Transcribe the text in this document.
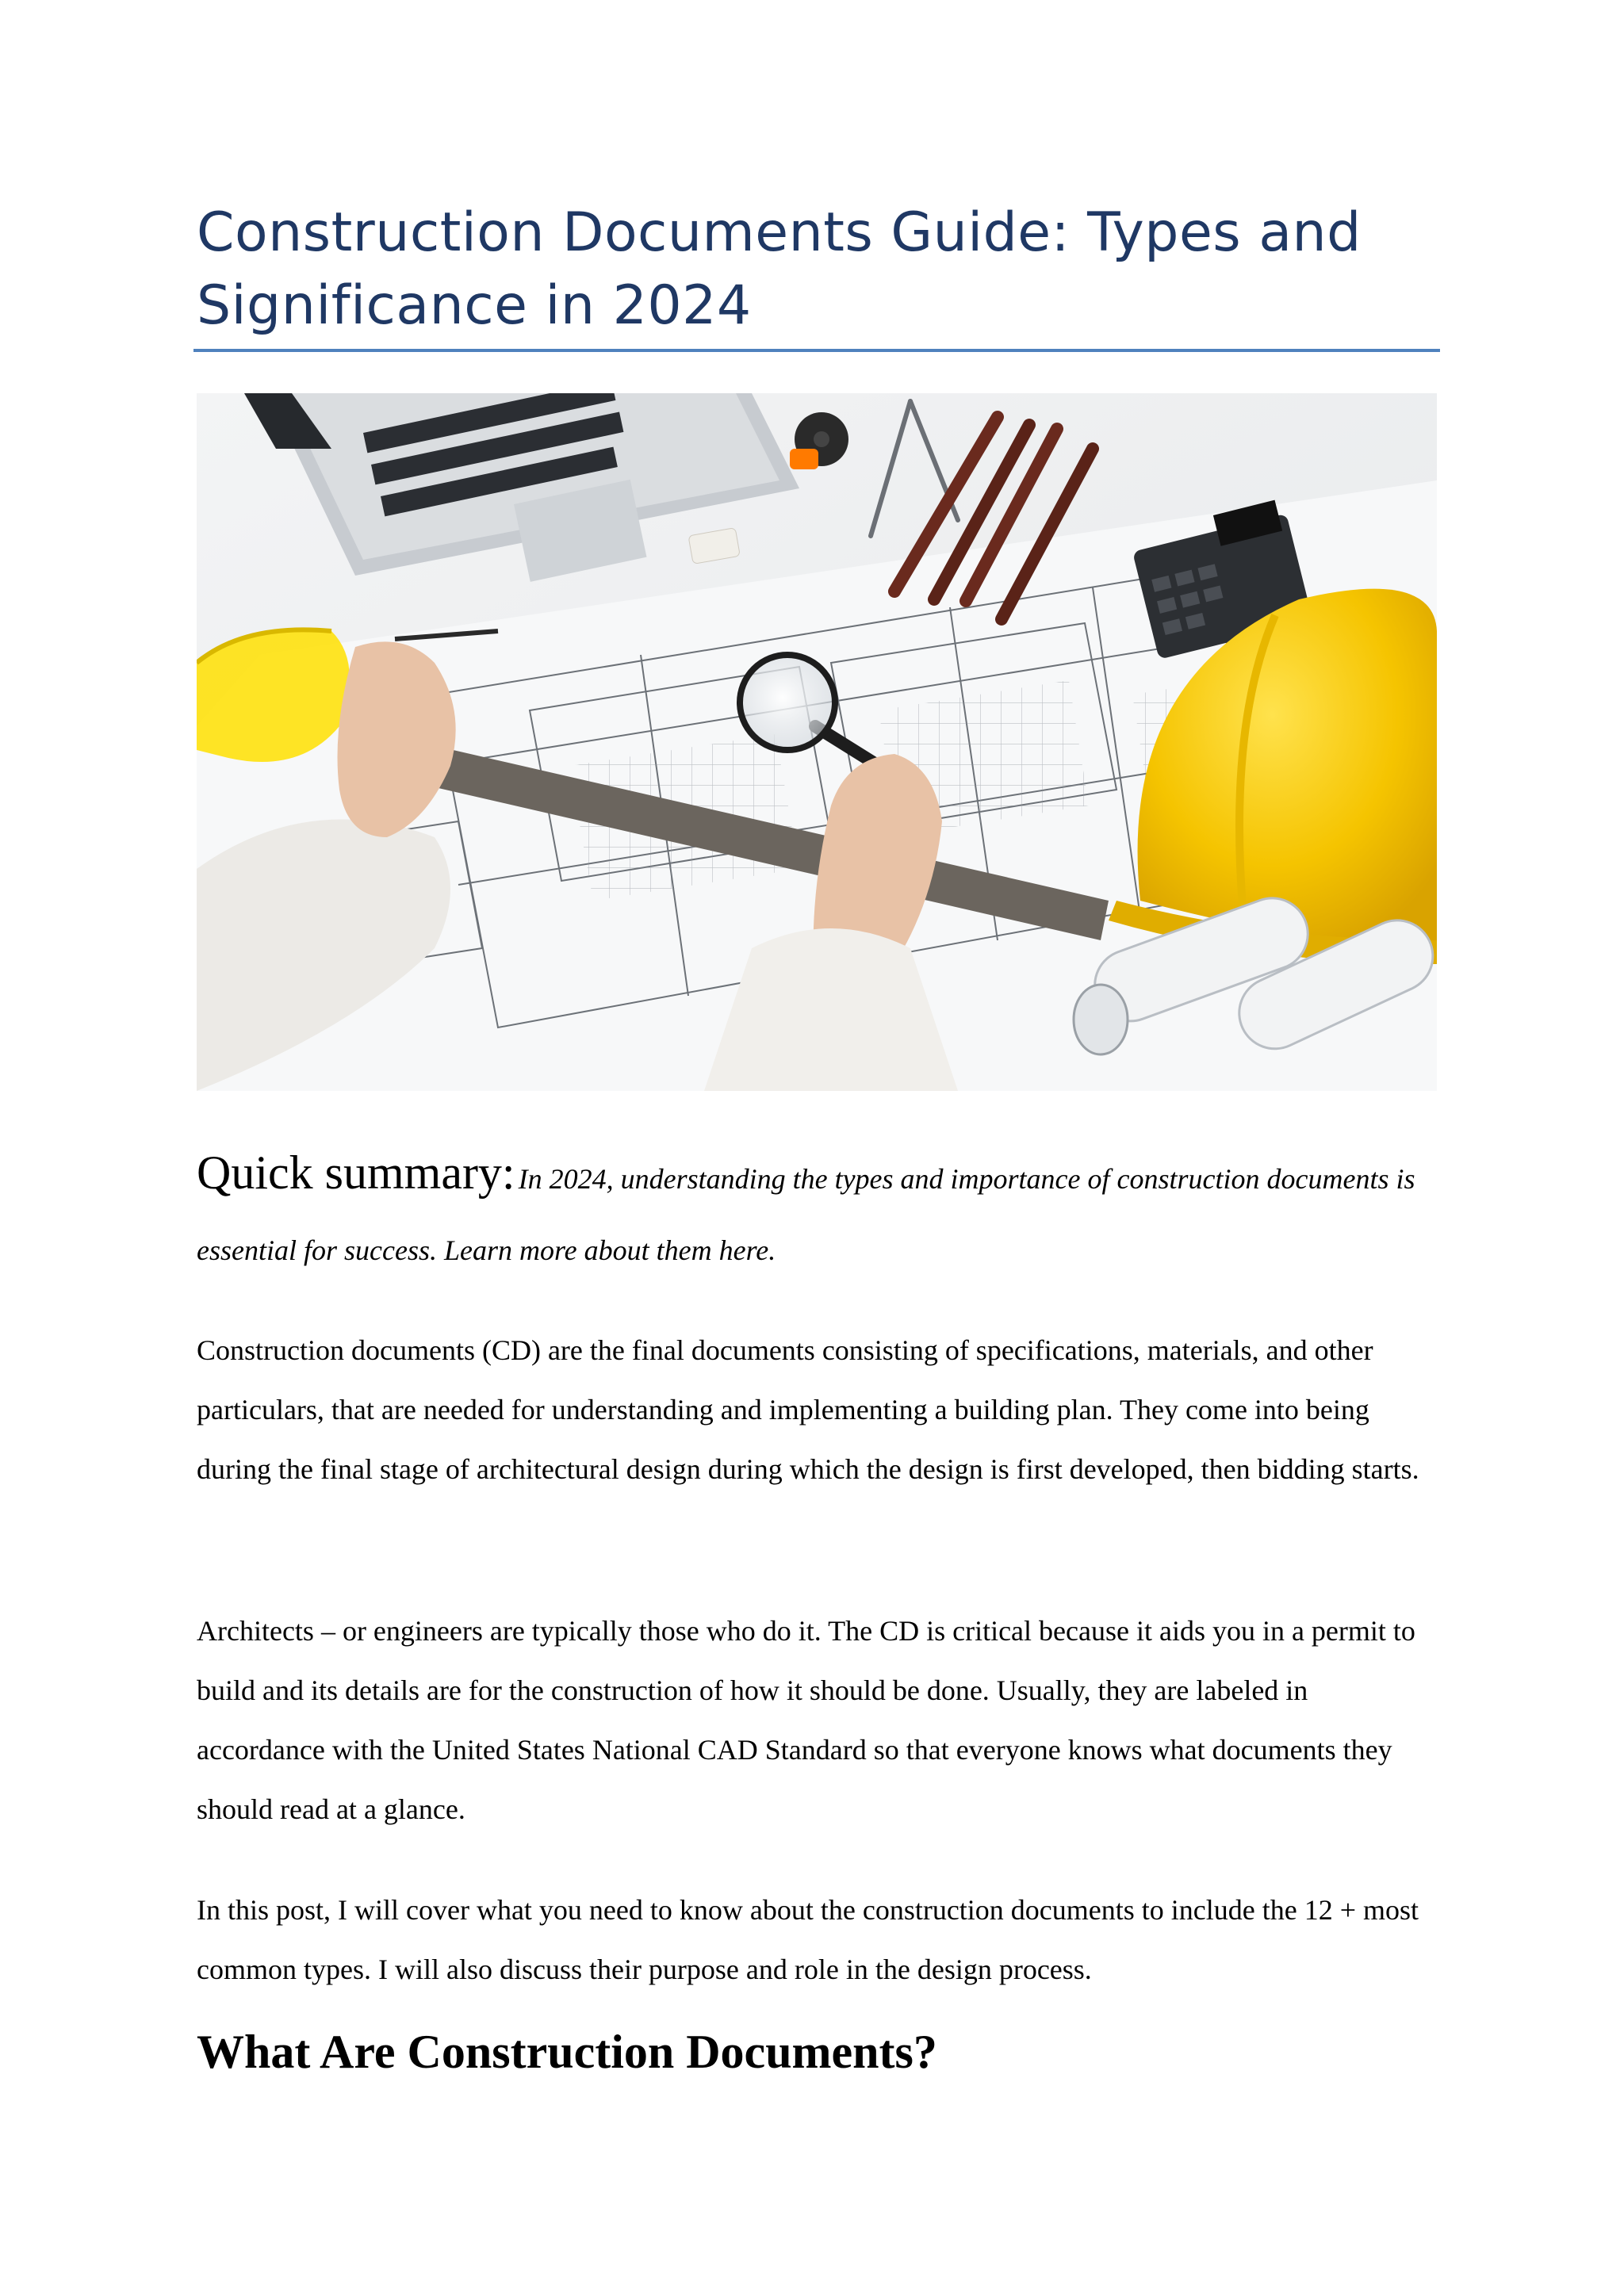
Construction Documents Guide: Types and Significance in 2024

Quick summary: In 2024, understanding the types and importance of construction documents is essential for success. Learn more about them here.

Construction documents (CD) are the final documents consisting of specifications, materials, and other particulars, that are needed for understanding and implementing a building plan. They come into being during the final stage of architectural design during which the design is first developed, then bidding starts.

Architects – or engineers are typically those who do it. The CD is critical because it aids you in a permit to build and its details are for the construction of how it should be done. Usually, they are labeled in accordance with the United States National CAD Standard so that everyone knows what documents they should read at a glance.

In this post, I will cover what you need to know about the construction documents to include the 12 + most common types. I will also discuss their purpose and role in the design process.

What Are Construction Documents?
